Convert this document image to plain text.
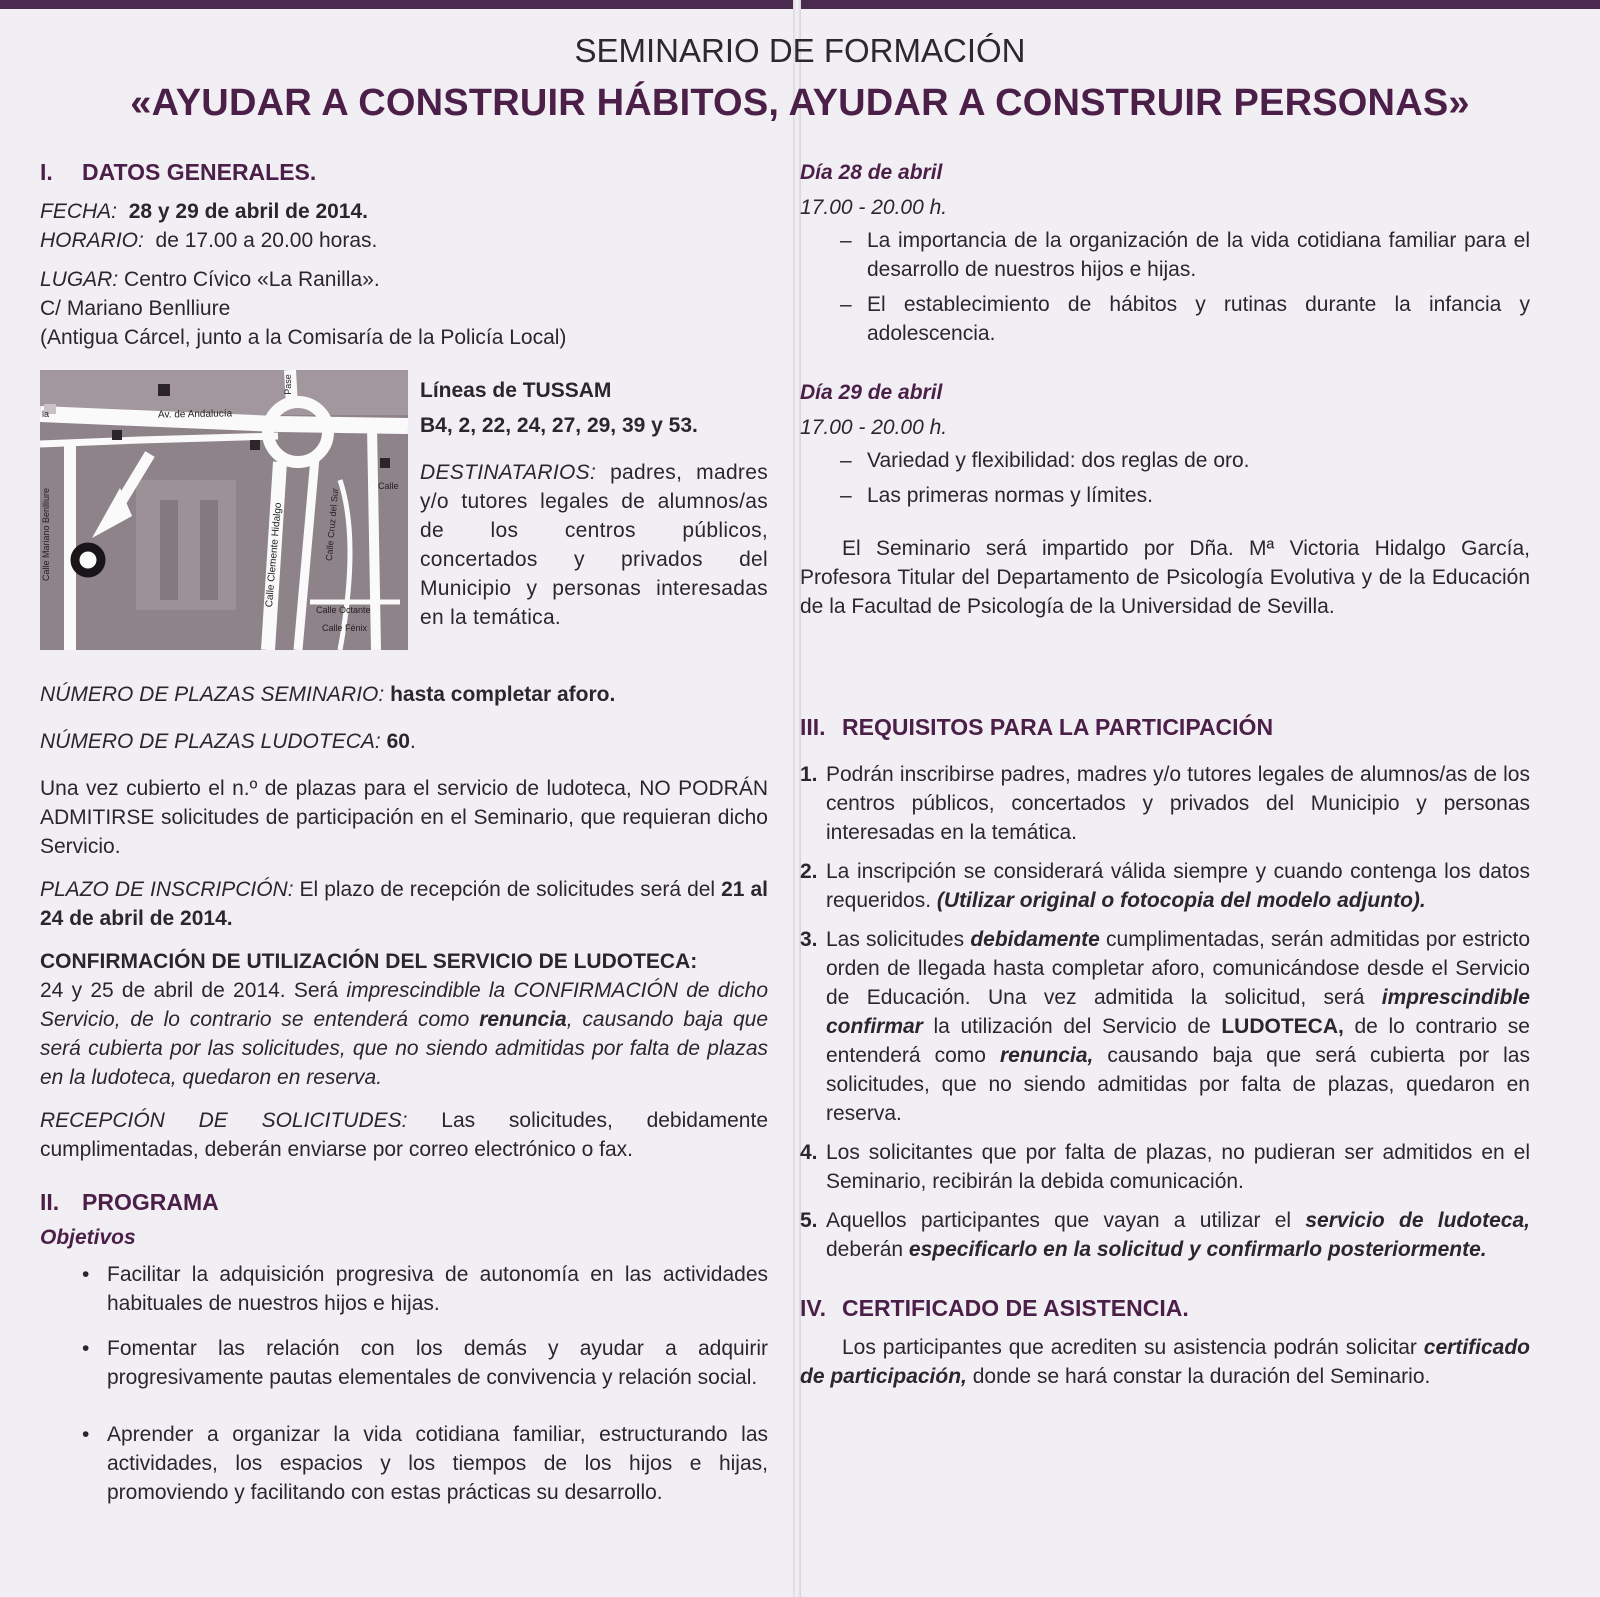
SEMINARIO DE FORMACIÓN
«AYUDAR A CONSTRUIR HÁBITOS, AYUDAR A CONSTRUIR PERSONAS»

I. DATOS GENERALES.

FECHA: 28 y 29 de abril de 2014.

HORARIO: de 17.00 a 20.00 horas.

LUGAR: Centro Cívico «La Ranilla».

C/ Mariano Benlliure

(Antigua Cárcel, junto a la Comisaría de la Policía Local)

Av. de Andalucía
Calle Mariano Benlliure	Calle Clemente Hidalgo	Calle Cruz del Sur
Calle Octante
Calle Fénix
Pase
Calle
la

Líneas de TUSSAM

B4, 2, 22, 24, 27, 29, 39 y 53.

DESTINATARIOS: padres, madres y/o tutores legales de alumnos/as de los centros públicos, concertados y privados del Municipio y personas interesadas en la temática.

NÚMERO DE PLAZAS SEMINARIO: hasta completar aforo.

NÚMERO DE PLAZAS LUDOTECA: 60.

Una vez cubierto el n.º de plazas para el servicio de ludoteca, NO PODRÁN ADMITIRSE solicitudes de participación en el Seminario, que requieran dicho Servicio.

PLAZO DE INSCRIPCIÓN: El plazo de recepción de solicitudes será del 21 al 24 de abril de 2014.

CONFIRMACIÓN DE UTILIZACIÓN DEL SERVICIO DE LUDOTECA:

24 y 25 de abril de 2014. Será imprescindible la CONFIRMACIÓN de dicho Servicio, de lo contrario se entenderá como renuncia, causando baja que será cubierta por las solicitudes, que no siendo admitidas por falta de plazas en la ludoteca, quedaron en reserva.

RECEPCIÓN DE SOLICITUDES: Las solicitudes, debidamente cumplimentadas, deberán enviarse por correo electrónico o fax.

II. PROGRAMA

Objetivos

• Facilitar la adquisición progresiva de autonomía en las actividades habituales de nuestros hijos e hijas.
• Fomentar las relación con los demás y ayudar a adquirir progresivamente pautas elementales de convivencia y relación social.
• Aprender a organizar la vida cotidiana familiar, estructurando las actividades, los espacios y los tiempos de los hijos e hijas, promoviendo y facilitando con estas prácticas su desarrollo.

Día 28 de abril

17.00 - 20.00 h.

– La importancia de la organización de la vida cotidiana familiar para el desarrollo de nuestros hijos e hijas.
– El establecimiento de hábitos y rutinas durante la infancia y adolescencia.

Día 29 de abril

17.00 - 20.00 h.

– Variedad y flexibilidad: dos reglas de oro.
– Las primeras normas y límites.

El Seminario será impartido por Dña. Mª Victoria Hidalgo García, Profesora Titular del Departamento de Psicología Evolutiva y de la Educación de la Facultad de Psicología de la Universidad de Sevilla.

III. REQUISITOS PARA LA PARTICIPACIÓN

1. Podrán inscribirse padres, madres y/o tutores legales de alumnos/as de los centros públicos, concertados y privados del Municipio y personas interesadas en la temática.
2. La inscripción se considerará válida siempre y cuando contenga los datos requeridos. (Utilizar original o fotocopia del modelo adjunto).
3. Las solicitudes debidamente cumplimentadas, serán admitidas por estricto orden de llegada hasta completar aforo, comunicándose desde el Servicio de Educación. Una vez admitida la solicitud, será imprescindible confirmar la utilización del Servicio de LUDOTECA, de lo contrario se entenderá como renuncia, causando baja que será cubierta por las solicitudes, que no siendo admitidas por falta de plazas, quedaron en reserva.
4. Los solicitantes que por falta de plazas, no pudieran ser admitidos en el Seminario, recibirán la debida comunicación.
5. Aquellos participantes que vayan a utilizar el servicio de ludoteca, deberán especificarlo en la solicitud y confirmarlo posteriormente.

IV. CERTIFICADO DE ASISTENCIA.

Los participantes que acrediten su asistencia podrán solicitar certificado de participación, donde se hará constar la duración del Seminario.
